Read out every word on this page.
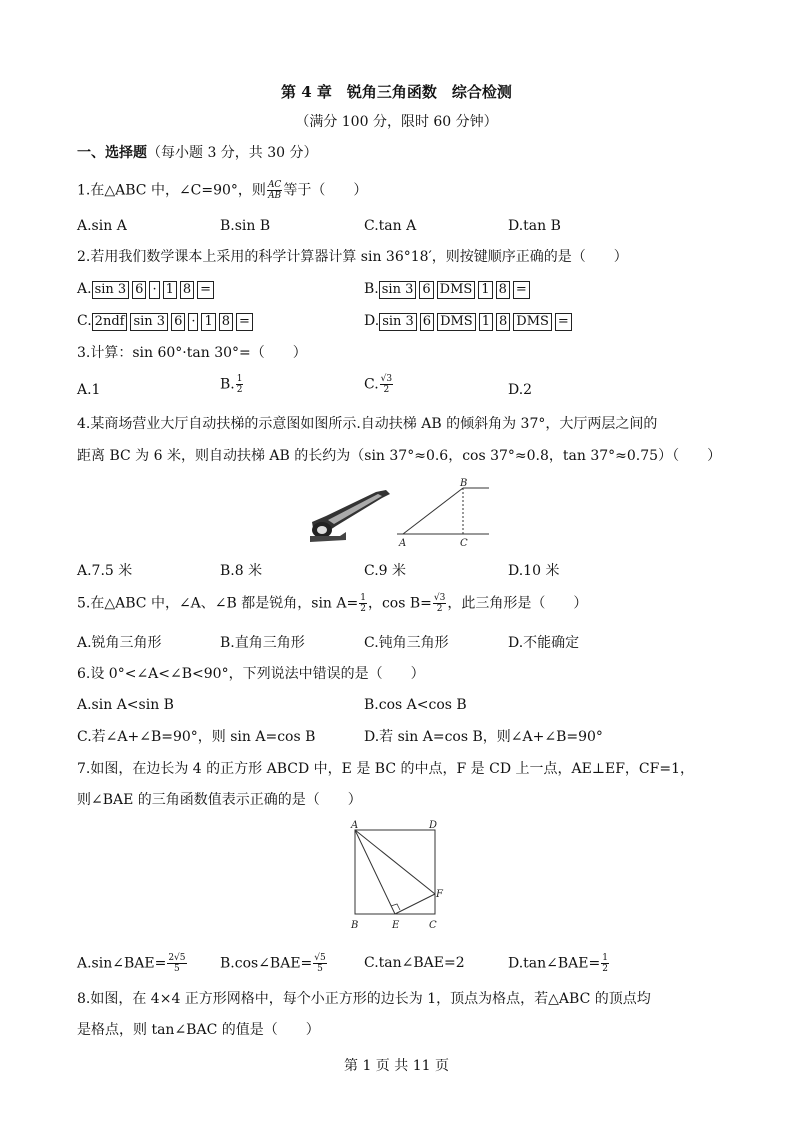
第 4 章　锐角三角函数　综合检测
（满分 100 分，限时 60 分钟）
一、选择题（每小题 3 分，共 30 分）
1.在△ABC 中，∠C=90°，则 $\frac{AC}{AB}$ 等于（　　）
A.sin A	B.sin B	C.tan A	D.tan B
2.若用我们数学课本上采用的科学计算器计算 sin 36°18′，则按键顺序正确的是（　　）
A. sin 3 6 · 1 8 =	B. sin 3 6 DMS 1 8 =
C. 2ndf sin 3 6 · 1 8 =	D. sin 3 6 DMS 1 8 DMS =
3.计算：sin 60°·tan 30°=（　　）
A.1	B. $\frac{1}{2}$	C. $\frac{√3}{2}$	D.2
4.某商场营业大厅自动扶梯的示意图如图所示.自动扶梯 AB 的倾斜角为 37°，大厅两层之间的
距离 BC 为 6 米，则自动扶梯 AB 的长约为（sin 37°≈0.6，cos 37°≈0.8，tan 37°≈0.75）（　　）
A
B
C
A.7.5 米	B.8 米	C.9 米	D.10 米
5.在△ABC 中，∠A、∠B 都是锐角，$\sin A= \frac{1}{2}$ ，$\cos B= \frac{√3}{2}$ ，此三角形是（　　）
A.锐角三角形	B.直角三角形	C.钝角三角形	D.不能确定
6.设 0°<∠A<∠B<90°，下列说法中错误的是（　　）
A.sin A<sin B	B.cos A<cos B
C.若∠A+∠B=90°，则 sin A=cos B	D.若 sin A=cos B，则∠A+∠B=90°
7.如图，在边长为 4 的正方形 ABCD 中，E 是 BC 的中点，F 是 CD 上一点，AE⊥EF，CF=1，
则∠BAE 的三角函数值表示正确的是（　　）
A	D
B	E	C
F
A.sin∠BAE= $\frac{2√5}{5}$ B.cos∠BAE= $\frac{√5}{5}$	C.tan∠BAE=2	D.tan∠BAE= $\frac{1}{2}$
8.如图，在 4×4 正方形网格中，每个小正方形的边长为 1，顶点为格点，若△ABC 的顶点均
是格点，则 tan∠BAC 的值是（　　）
第 1 页 共 11 页
